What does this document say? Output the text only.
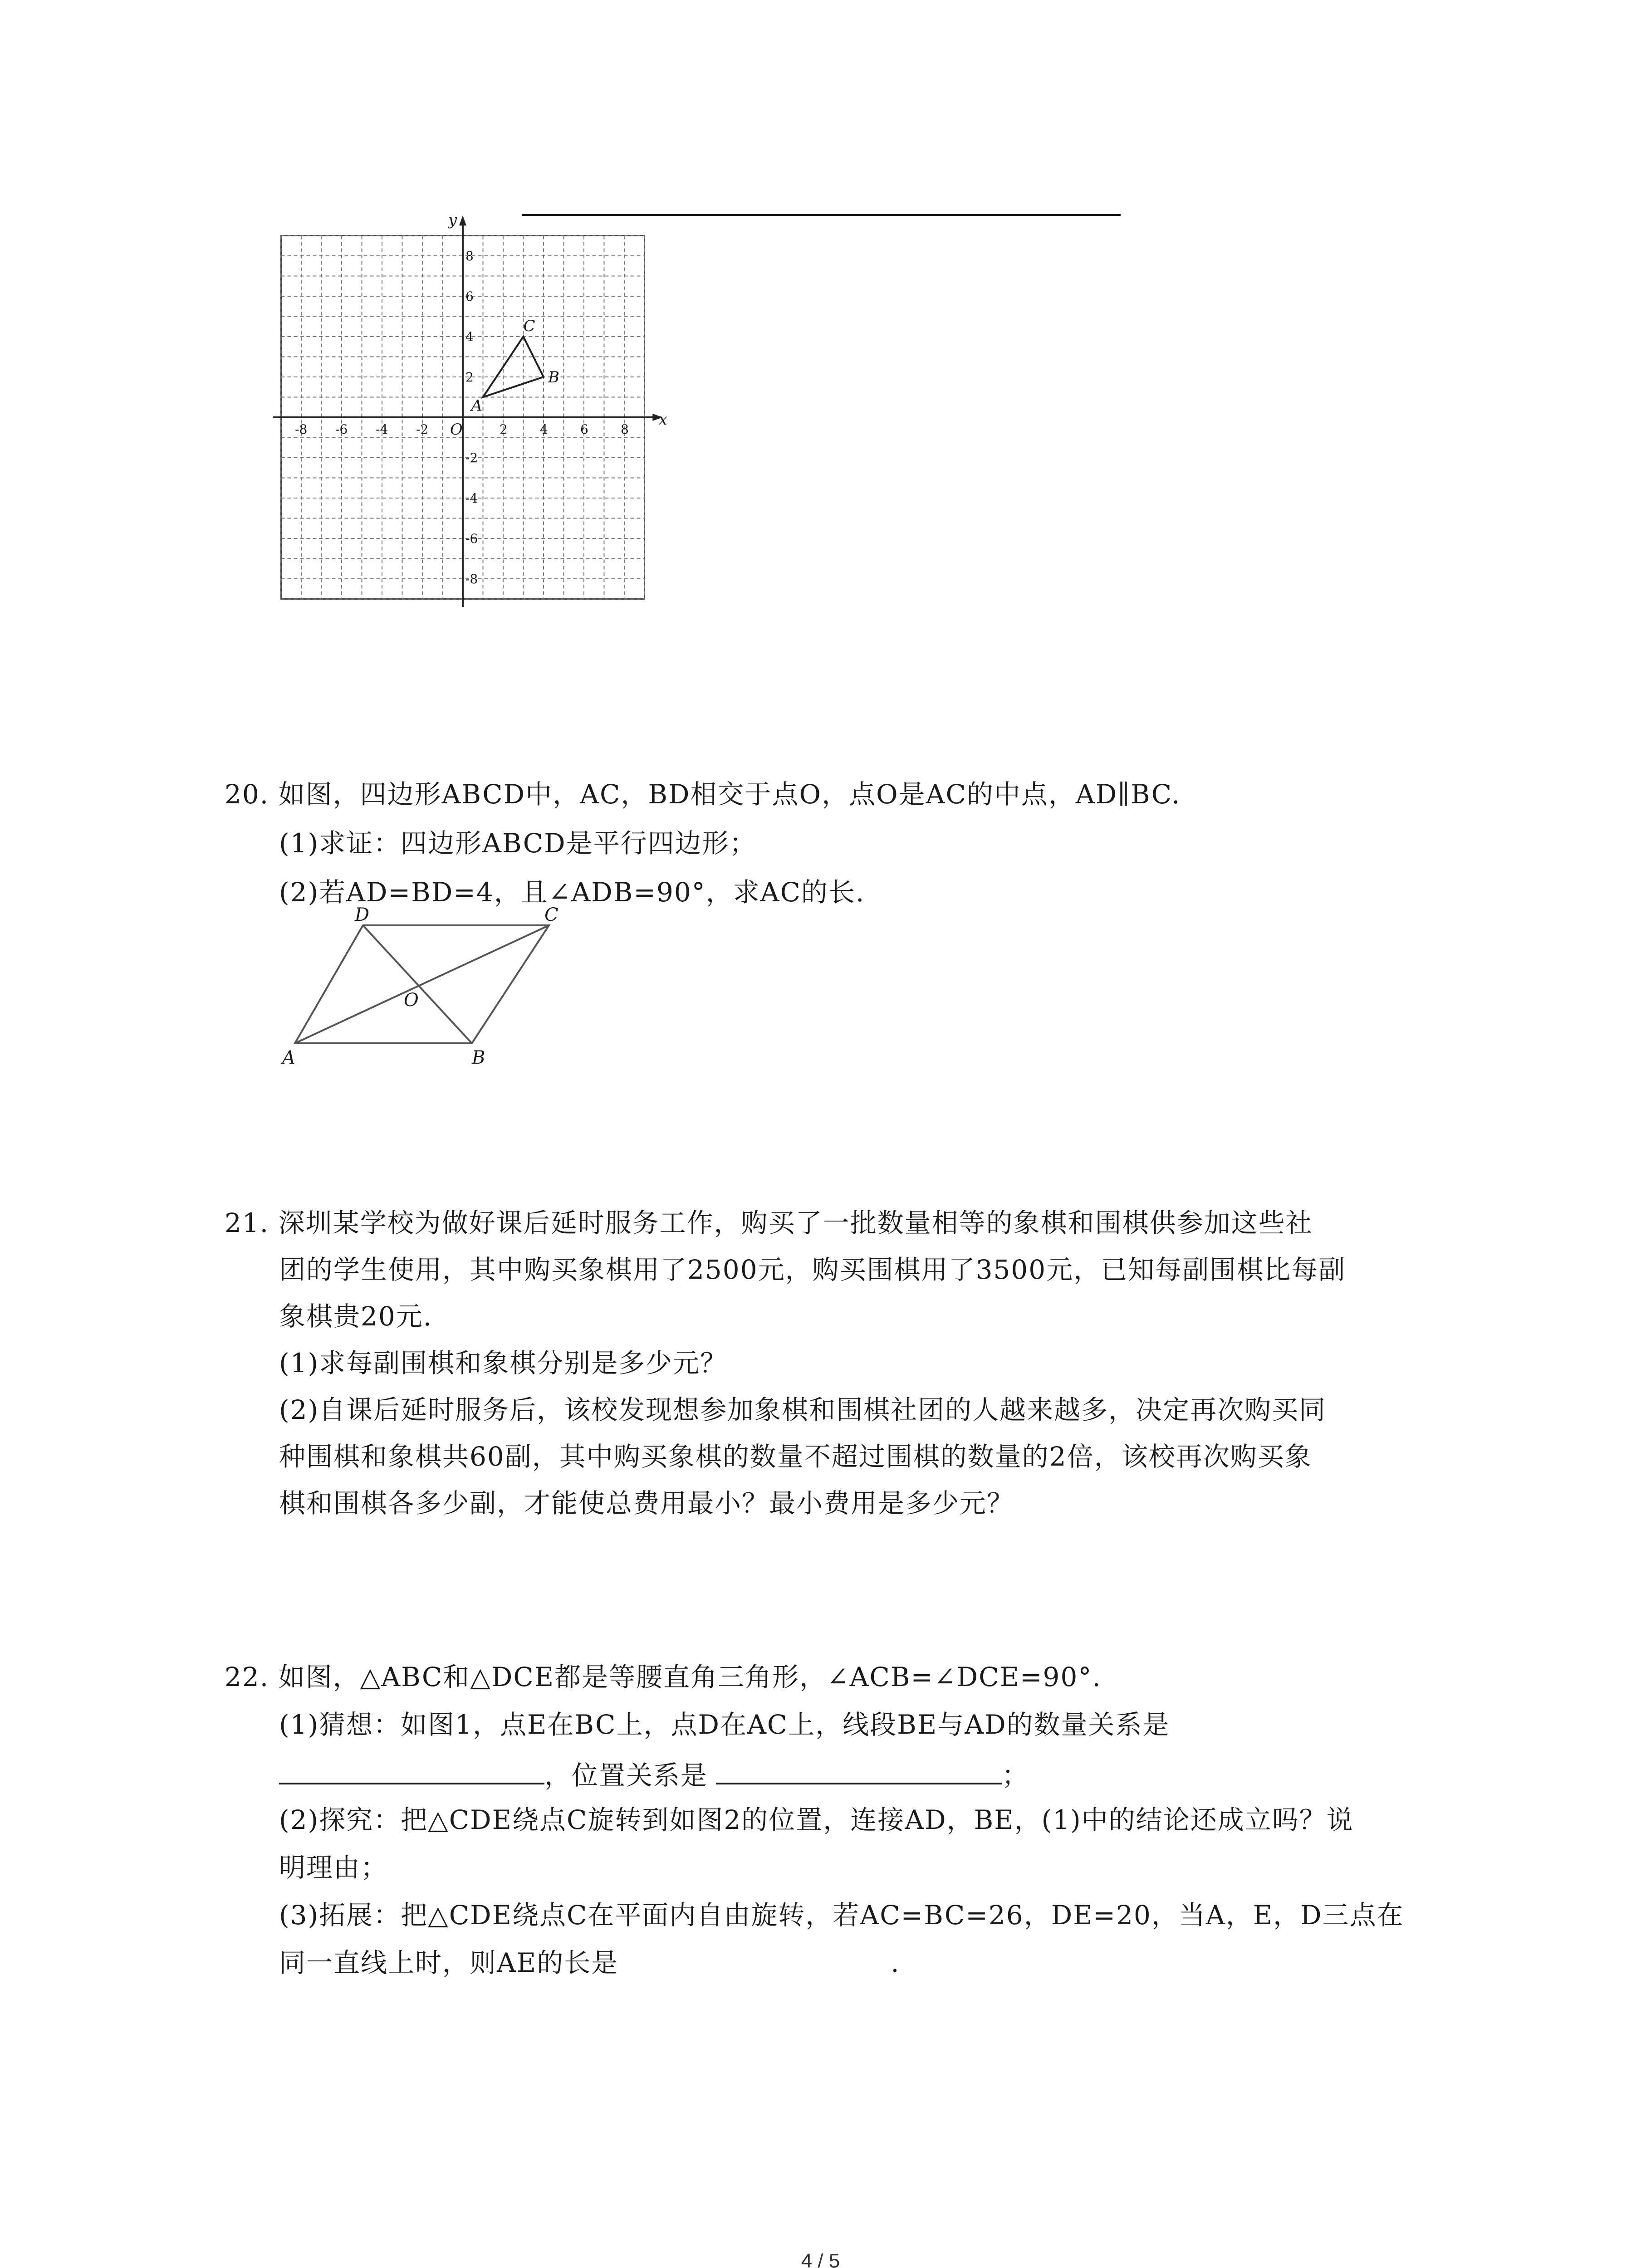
x
y
O
-8 -6 -4 -2	2	4	6	8
8
6
4
2
-2
-4
-6
-8
A
B
C
20. 如图，四边形ABCD中，AC，BD相交于点O，点O是AC的中点，AD∥BC.
(1)求证：四边形ABCD是平行四边形；
(2)若AD=BD=4，且∠ADB=90°，求AC的长.
D	C
A	B
O
21. 深圳某学校为做好课后延时服务工作，购买了一批数量相等的象棋和围棋供参加这些社
团的学生使用，其中购买象棋用了2500元，购买围棋用了3500元，已知每副围棋比每副
象棋贵20元.
(1)求每副围棋和象棋分别是多少元？
(2)自课后延时服务后，该校发现想参加象棋和围棋社团的人越来越多，决定再次购买同
种围棋和象棋共60副，其中购买象棋的数量不超过围棋的数量的2倍，该校再次购买象
棋和围棋各多少副，才能使总费用最小？最小费用是多少元？
22. 如图，△ABC和△DCE都是等腰直角三角形，∠ACB=∠DCE=90°.
(1)猜想：如图1，点E在BC上，点D在AC上，线段BE与AD的数量关系是
，位置关系是	；
(2)探究：把△CDE绕点C旋转到如图2的位置，连接AD，BE，(1)中的结论还成立吗？说
明理由；
(3)拓展：把△CDE绕点C在平面内自由旋转，若AC=BC=26，DE=20，当A，E，D三点在
同一直线上时，则AE的长是	.
4 / 5
